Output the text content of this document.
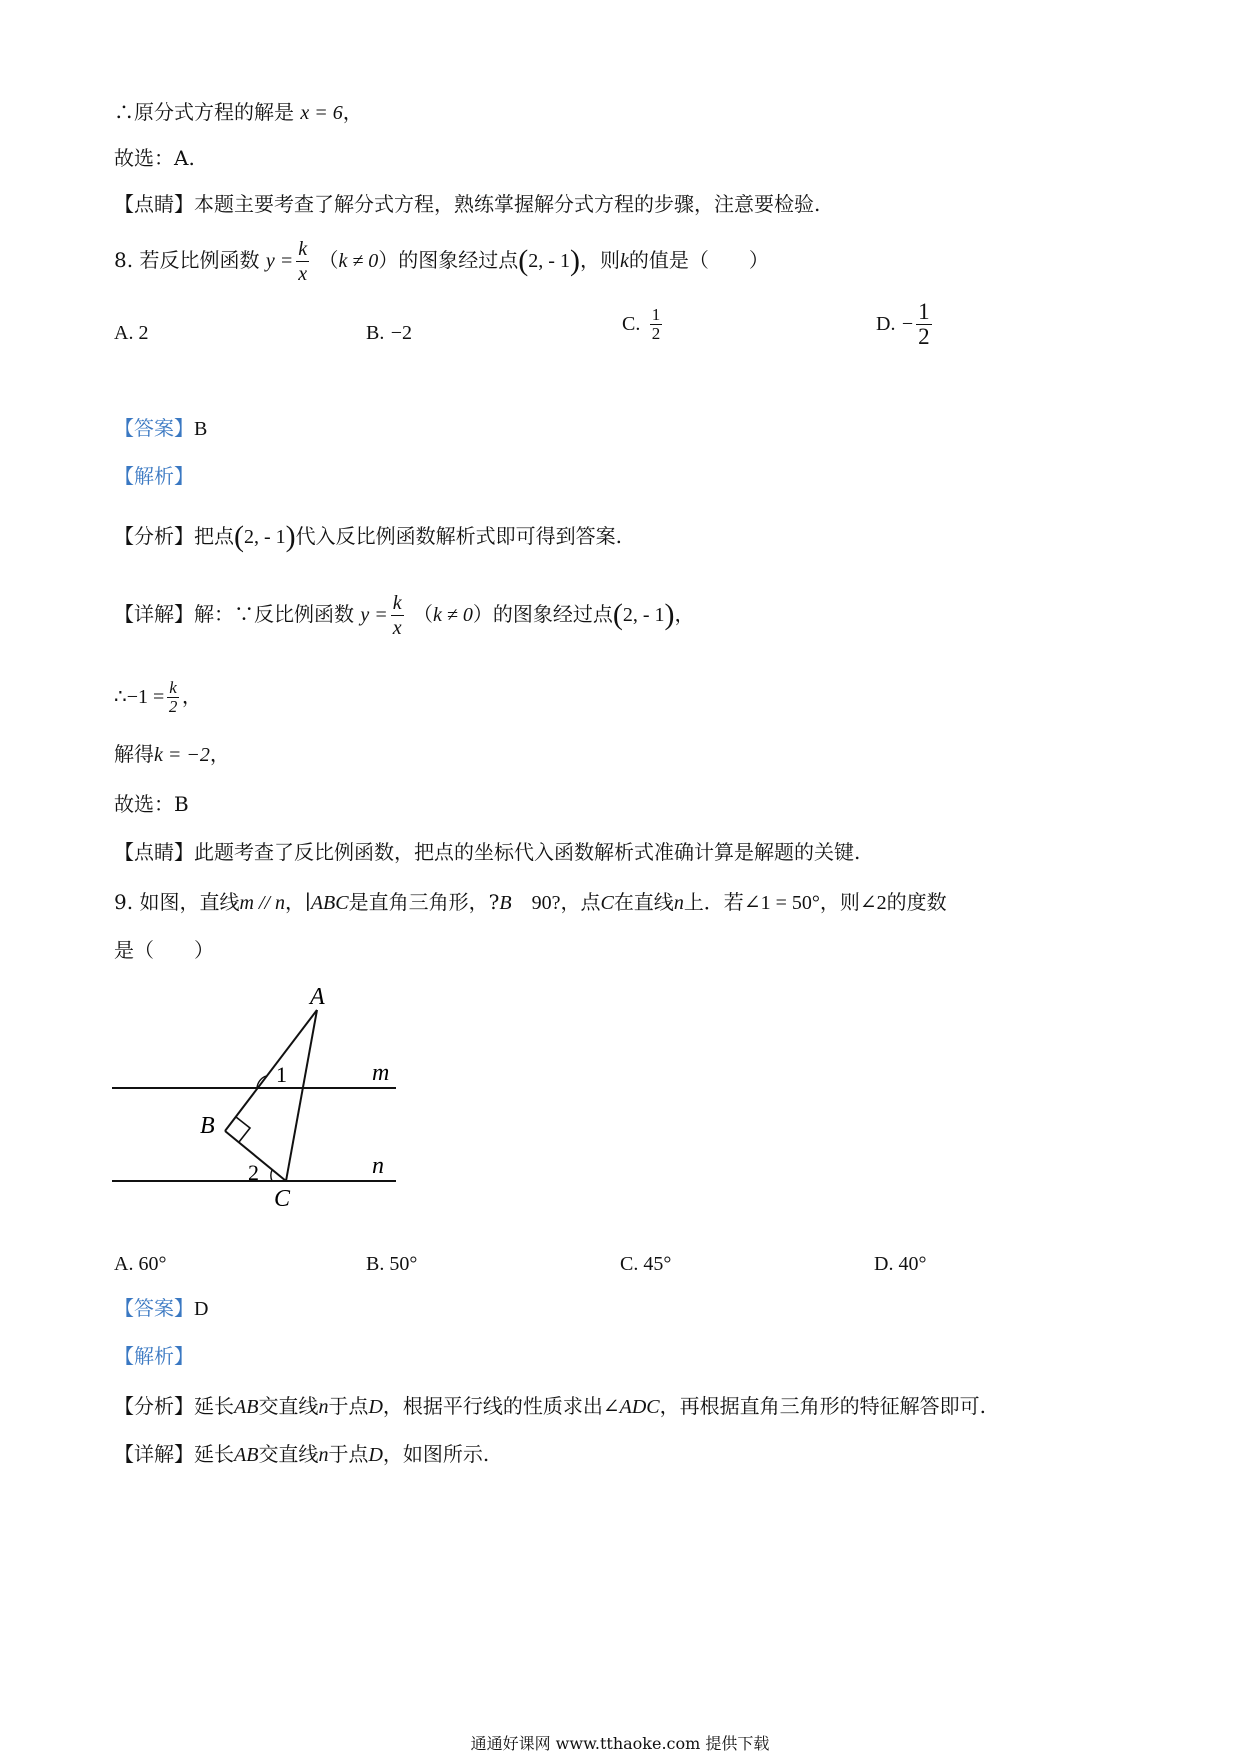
∴原分式方程的解是 x = 6，
故选：A.
【点睛】本题主要考查了解分式方程，熟练掌握解分式方程的步骤，注意要检验.
8. 若反比例函数 $y = \frac{k}{x} (k \ne 0)$的图象经过点(2, - 1)，则k的值是（　　）
A. 2	B. −2	C. $\frac{1}{2}$	D. − $\frac{1}{2}$
【答案】B
【解析】
【分析】把点(2, - 1)代入反比例函数解析式即可得到答案.
【详解】解：∵反比例函数 $y = \frac{k}{x} (k \ne 0)$的图象经过点(2, - 1)，
∴−1 = $\frac{k}{2}$ ，
解得k = −2，
故选：B
【点睛】此题考查了反比例函数，把点的坐标代入函数解析式准确计算是解题的关键.
9. 如图，直线m // n，∣ABC是直角三角形，?B　90?，点C在直线n上．若∠1 = 50°，则∠2的度数
是（　　）
A
B
C
m
n
1
2
A. 60°	B. 50°	C. 45°	D. 40°
【答案】D
【解析】
【分析】延长AB交直线n于点D，根据平行线的性质求出∠ADC，再根据直角三角形的特征解答即可.
【详解】延长AB交直线n于点D，如图所示.
通通好课网 www.tthaoke.com 提供下载
